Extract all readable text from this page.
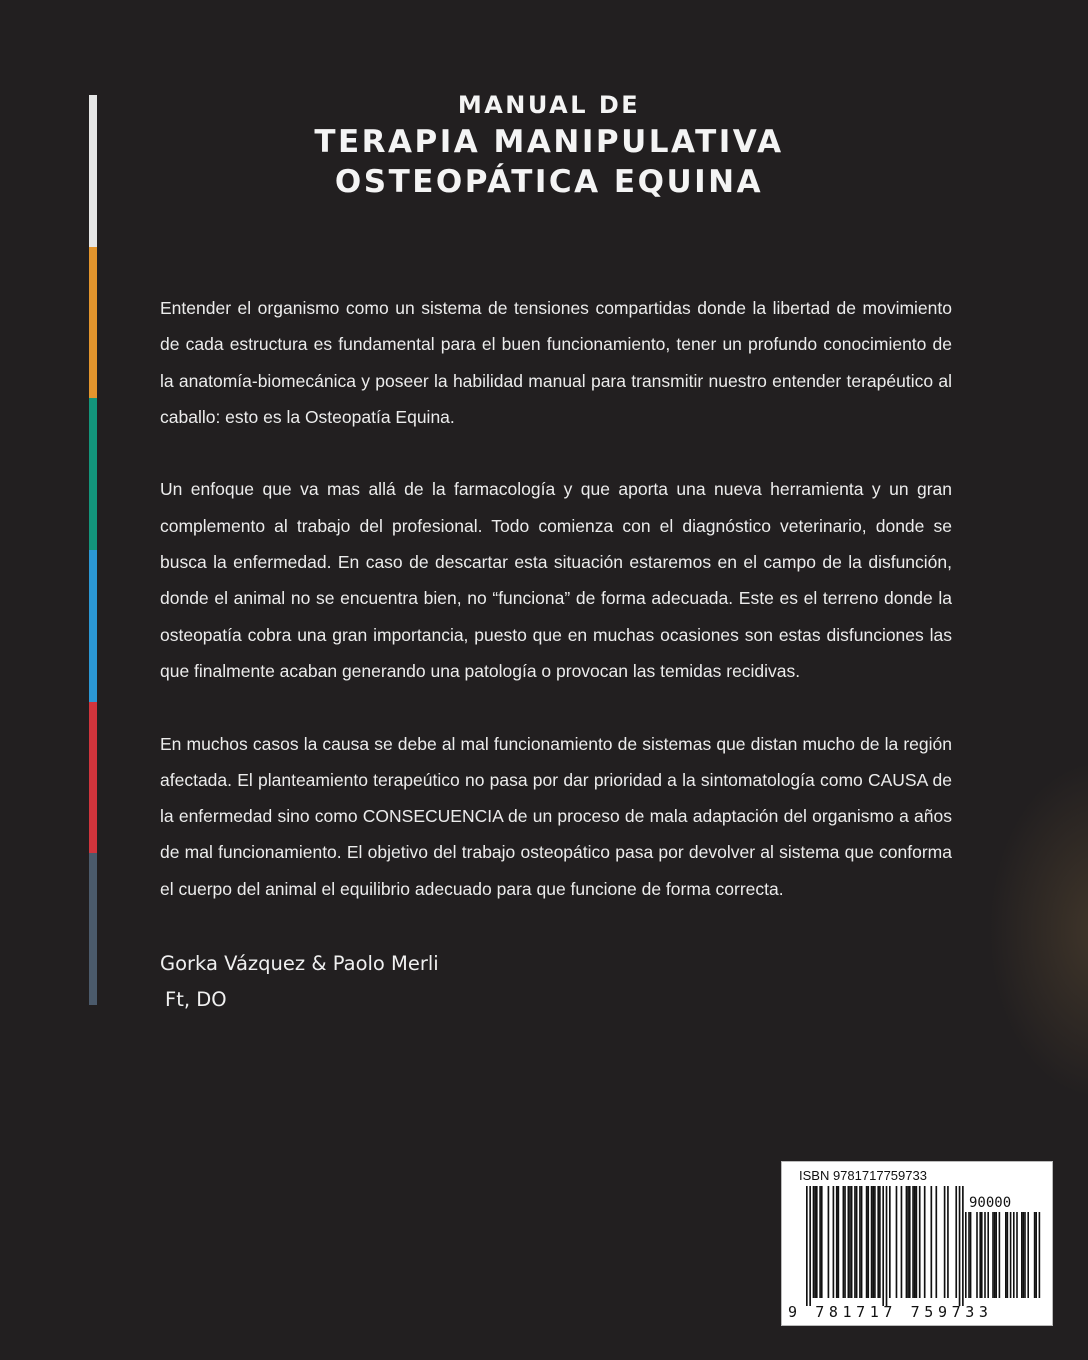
MANUAL DE
TERAPIA MANIPULATIVA
OSTEOPÁTICA EQUINA

Entender el organismo como un sistema de tensiones compartidas donde la libertad de movimiento de cada estructura es fundamental para el buen funcionamiento, tener un profundo conocimiento de la anatomía-biomecánica y poseer la habilidad manual para transmitir nuestro entender terapéutico al caballo: esto es la Osteopatía Equina.

Un enfoque que va mas allá de la farmacología y que aporta una nueva herramienta y un gran complemento al trabajo del profesional. Todo comienza con el diagnóstico veterinario, donde se busca la enfermedad. En caso de descartar esta situación estaremos en el campo de la disfunción, donde el animal no se encuentra bien, no “funciona” de forma adecuada. Este es el terreno donde la osteopatía cobra una gran importancia, puesto que en muchas ocasiones son estas disfunciones las que finalmente acaban generando una patología o provocan las temidas recidivas.

En muchos casos la causa se debe al mal funcionamiento de sistemas que distan mucho de la región afectada. El planteamiento terapeútico no pasa por dar prioridad a la sintomatología como CAUSA de la enfermedad sino como CONSECUENCIA de un proceso de mala adaptación del organismo a años de mal funcionamiento. El objetivo del trabajo osteopático pasa por devolver al sistema que conforma el cuerpo del animal el equilibrio adecuado para que funcione de forma correcta.

Gorka Vázquez & Paolo Merli
Ft, DO
ISBN 9781717759733
90000
9 781717 759733
